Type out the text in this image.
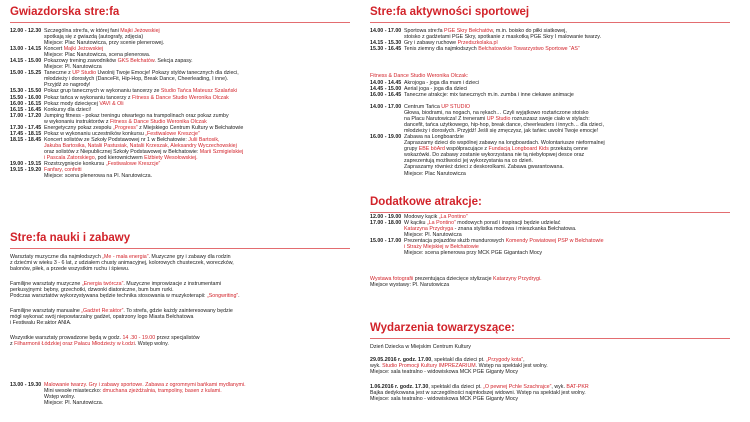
Gwiazdorska stre:fa
12.00 - 12.30 Szczególna stre:fa, w której fani Majki Jeżowskiej
spotkają się z gwiazdą (autografy, zdjęcia)
Miejsce: Plac Narutowicza, przy scenie plenerowej.
13.00 - 14.15 Koncert Majki Jeżowskiej
Miejsce: Plac Narutowicza, scena plenerowa.
14.15 - 15.00 Pokazowy trening zawodników GKS Bełchatów. Sekcja zapasy.
Miejsce: Pl. Narutowicza
15.00 - 15.25 Taneczne z UP Studio Uwolnij Twoje Emocje! Pokazy stylów tanecznych dla dzieci,
młodzieży i dorosłych (DanceFit, Hip-Hop, Break Dance, Cheerleading, I inne).
Przyjdź zo nagrody!
15.30 - 15.50 Pokaz grup tanecznych w wykonaniu tancerzy ze Studio Tańca Mateusz Szalański
15.50 - 16.00 Pokaz tańca w wykonaniu tancerzy z Fitness & Dance Studio Weronika Olczak
16.00 - 16.15 Pokaz mody dziecięcej VAVI & Oli
16.15 - 16.45 Konkursy dla dzieci!
17.00 - 17.20 Jumping fitness - pokaz treningu otwartego na trampolinach oraz pokaz zumby
w wykonaniu instruktorów z Fitness & Dance Studio Weronika Olczak
17.30 - 17.45 Energetyczny pokaz zespołu „Progress” z Miejskiego Centrum Kultury w Bełchatowie
17.45 - 18.15 Pokaz w wykonaniu uczestników konkursu „Festiwalowe Kreszcje”
18.15 - 18.45 Koncert solistów ze Szkoły Podstawowej nr 1 w Bełchatowie: Julii Bartosik,
Jakuba Bartosika, Natalii Pastusiak, Natalii Krzeszak, Aleksandry Wyczechowskiej
oraz solistów z Niepublicznej Szkoły Podstawowej w Bełchatowie: Marii Szmigielskiej
i Pascala Zatorskiego, pod kierownictwem Elżbiety Wesołowskiej.
19.00 - 19.15 Rozstrzygnięcie konkursu „Festiwalowe Kreszcje”
19.15 - 19.20 Fanfary, confetti
Miejsce: scena plenerowa na Pl. Narutowicza.
Stre:fa nauki i zabawy
Warsztaty muzyczne dla najmłodszych „Me - mała energia”. Muzyczne gry i zabawy dla rodzin
z dziećmi w wieku 3 - 6 lat, z udziałem chusty animacyjnej, kolorowych chusteczek, woreczków,
balonów, piłek, a przede wszystkim ruchu i śpiewu.
Familijne warsztaty muzyczne „Energia twórcza”. Muzyczne improwizacje z instrumentami
perkusyjnymi: bębny, grzechotki, dzwonki diatoniczne, bum bum rurki.
Podczas warsztatów wykorzystywana będzie technika stosowania w muzykoterapii: „Songwriting”.
Familijne warsztaty manualne „Gadżet Re:aktor”. To strefa, gdzie każdy zainteresowany będzie
mógł wykonać swój niepowtarzalny gadżet, opatrzony logo Miasta Bełchatowa
i Festiwalu Re:aktor ANIA.
Wszystkie warsztaty prowadzone będą w godz. 14 .30 - 19.00 przez specjalistów
z Filharmonii Łódzkiej oraz Pałacu Młodzieży w Łodzi. Wstęp wolny.
13.00 - 19.30 Malowanie twarzy. Gry i zabawy sportowe. Zabawa z ogromnymi bańkami mydlanymi.
Mini wesołe miasteczko: dmuchana zjeżdżalnia, trampoliny, basen z kulami.
Wstęp wolny.
Miejsce: Pl. Narutowicza.
Stre:fa aktywności sportowej
14.00 - 17.00 Sportowa stre:fa PGE Skry Bełchatów, m.in. boisko do piłki siatkowej,
stoisko z gadżetami PGE Skry, spotkanie z maskotką PGE Skry I malowanie twarzy.
14.15 - 15.30 Gry i zabawy ruchowe Przedszkolaka.pl
15.30 - 16.45 Tenis ziemny dla najmłodszych Bełchatowskie Towarzystwo Sportowe “AS”
Fitness & Dance Studio Weronika Olczak:
14.00 - 14.45 Akrojoga - joga dla mam i dzieci
14.45 - 15.00 Aerial joga - joga dla dzieci
16.00 - 16.45 Taneczne atrakcje: mix tanecznych m.in. zumba i inne ciekawe animacje
14.00 - 17.00 Centrum Tańca UP STUDIO
Głowa, biodrami, na nogach, na rękach… Czyli wyjątkowo roztańczone stoisko
na Placu Narutowicza! Z trenerami UP Studio rozruszasz swoje ciało w stylach:
dancefit, tańca użytkowego, hip-hop, break dance, cheerleaders i innych… dla dzieci,
młodzieży i dorosłych. Przyjdź! Jeśli się zmęczysz, jak tańiec uwolni Twoje emocje!
16.00 - 19.00 Zabawa na Longboardzie
Zapraszamy dzieci do wspólnej zabawy na longboardach. Wolontariusze nieformalnej
grupy EBE böArd współpracujące z Fundacją Longboard Kids przekażą cenne
wskazówki. Do zabawy zostanie wykorzystana nie tą niebyłopwej desce oraz
zaprezentują możliwości jej wykorzystania na co dzień.
Zapraszamy również dzieci z deskorolkami. Zabawa gwarantowana.
Miejsce: Plac Narutowicza
Dodatkowe atrakcje:
12.00 - 19.00 Modowy kącik „La Pontino”
17.00 - 18.00 W kąciku „La Pontino” modowych porad i inspiracji będzie udzielać
Katarzyna Przydryga - znana stylistka modowa i mieszkanka Bełchatowa.
Miejsce: Pl. Narutowicza
15.00 - 17.00 Prezentacja pojazdów służb mundurowych Komendy Powiatowej PSP w Bełchatowie
i Straży Miejskiej w Bełchatowie
Miejsce: scena plenerowa przy MCK PGE Gigantach Mocy
Wystawa fotografii prezentująca dziecięce stylizacje Katarzyny Przydrygi.
Miejsce wystawy: Pl. Narutowicza
Wydarzenia towarzyszące:
Dzień Dziecka w Miejskim Centrum Kultury
29.05.2016 r. godz. 17.00, spektakl dla dzieci pt. „Przygody kota”,
wyk. Studio Promocji Kultury IMPREZARIUM. Wstęp na spektakl jest wolny.
Miejsce: sala teatralno - widowiskowa MCK PGE Giganty Mocy
1.06.2016 r. godz. 17.30, spektakl dla dzieci pt. „O pewnej Pchle Szachrajce”, wyk. BAT-PKR
Bajka dedykowana jest w szczególności najmłodszej widowni. Wstęp na spektakl jest wolny.
Miejsce: sala teatralno - widowiskowa MCK PGE Giganty Mocy
